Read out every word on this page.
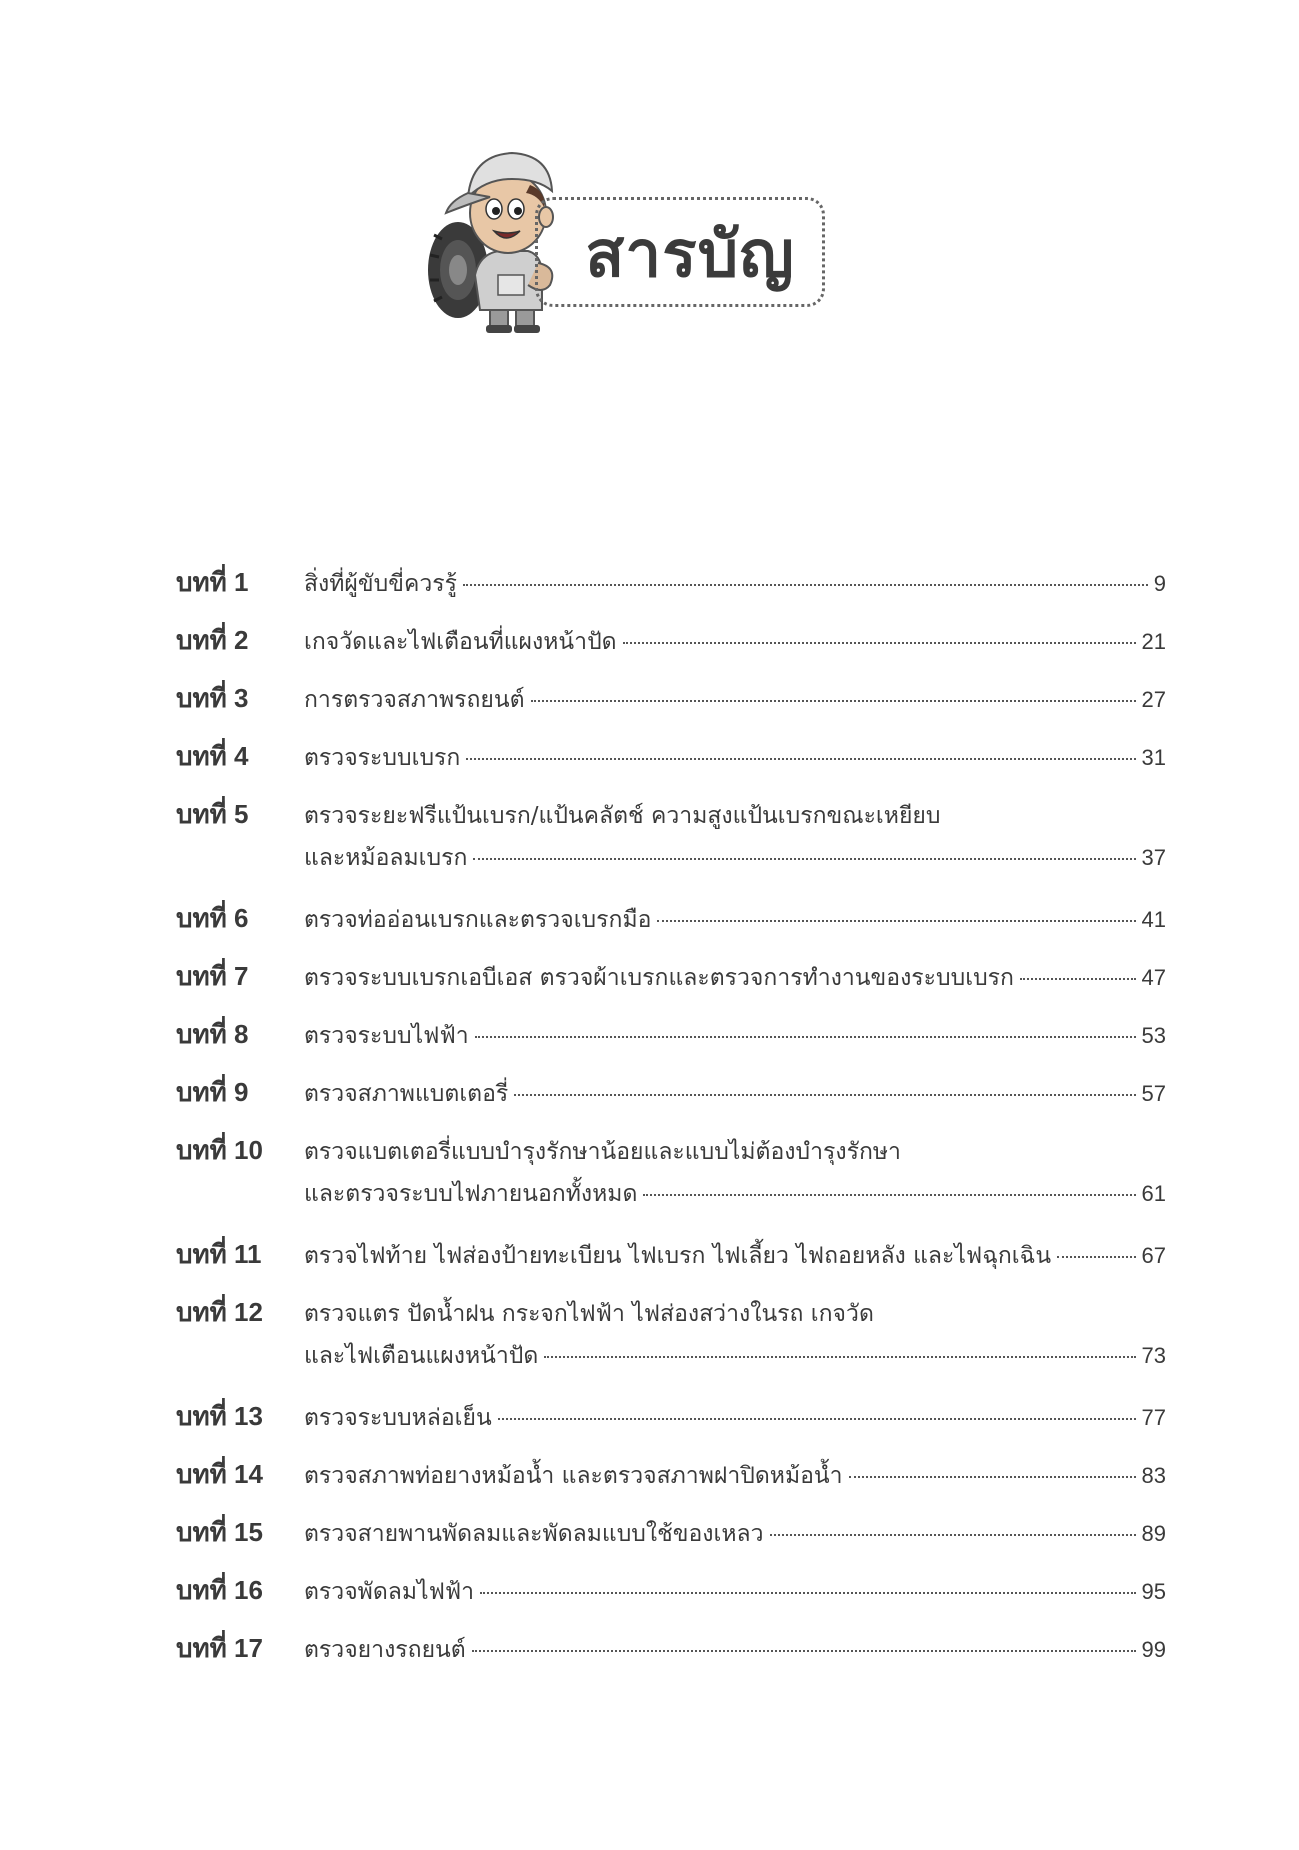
สารบัญ
บทที่ 1	สิ่งที่ผู้ขับขี่ควรรู้	9
บทที่ 2	เกจวัดและไฟเตือนที่แผงหน้าปัด	21
บทที่ 3	การตรวจสภาพรถยนต์	27
บทที่ 4	ตรวจระบบเบรก	31
บทที่ 5	ตรวจระยะฟรีแป้นเบรก/แป้นคลัตช์ ความสูงแป้นเบรกขณะเหยียบ
และหม้อลมเบรก	37
บทที่ 6	ตรวจท่ออ่อนเบรกและตรวจเบรกมือ	41
บทที่ 7	ตรวจระบบเบรกเอบีเอส ตรวจผ้าเบรกและตรวจการทำงานของระบบเบรก	47
บทที่ 8	ตรวจระบบไฟฟ้า	53
บทที่ 9	ตรวจสภาพแบตเตอรี่	57
บทที่ 10	ตรวจแบตเตอรี่แบบบำรุงรักษาน้อยและแบบไม่ต้องบำรุงรักษา
และตรวจระบบไฟภายนอกทั้งหมด	61
บทที่ 11	ตรวจไฟท้าย ไฟส่องป้ายทะเบียน ไฟเบรก ไฟเลี้ยว ไฟถอยหลัง และไฟฉุกเฉิน	67
บทที่ 12	ตรวจแตร ปัดน้ำฝน กระจกไฟฟ้า ไฟส่องสว่างในรถ เกจวัด
และไฟเตือนแผงหน้าปัด	73
บทที่ 13	ตรวจระบบหล่อเย็น	77
บทที่ 14	ตรวจสภาพท่อยางหม้อน้ำ และตรวจสภาพฝาปิดหม้อน้ำ	83
บทที่ 15	ตรวจสายพานพัดลมและพัดลมแบบใช้ของเหลว	89
บทที่ 16	ตรวจพัดลมไฟฟ้า	95
บทที่ 17	ตรวจยางรถยนต์	99
